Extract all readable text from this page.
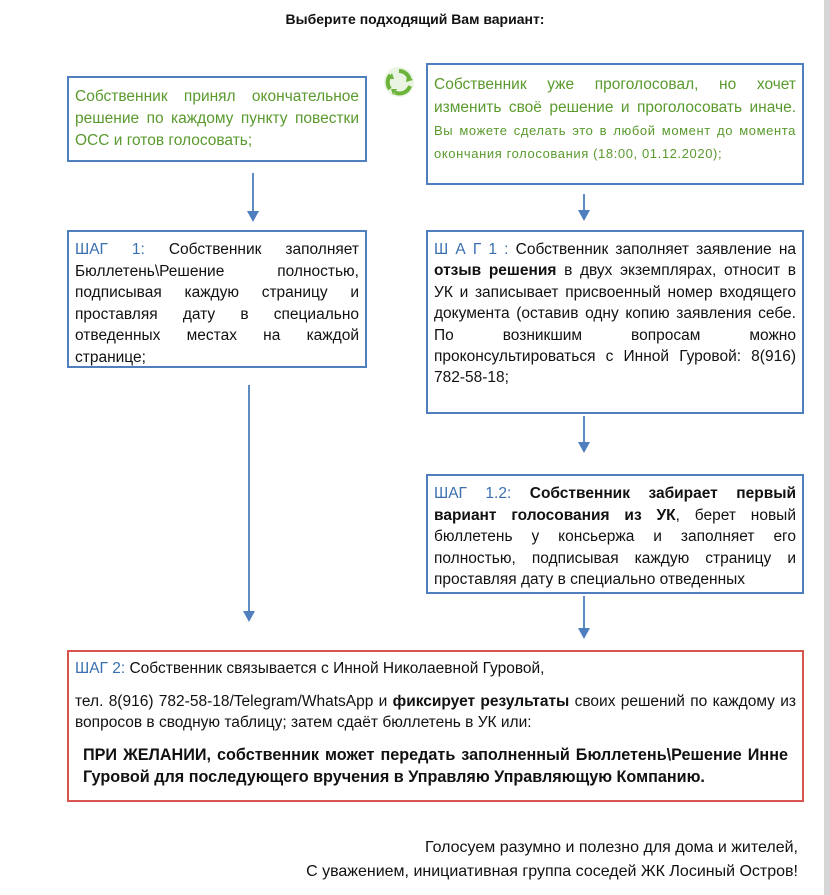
Выберите подходящий Вам вариант:

Собственник принял окончательное решение по каждому пункту повестки ОСС и готов голосовать;

Собственник уже проголосовал, но хочет изменить своё решение и проголосовать иначе. Вы можете сделать это в любой момент до момента окончания голосования (18:00, 01.12.2020);

ШАГ 1: Собственник заполняет Бюллетень\Решение полностью, подписывая каждую страницу и проставляя дату в специально отведенных местах на каждой странице;

Ш А Г 1 : Собственник заполняет заявление на отзыв решения в двух экземплярах, относит в УК и записывает присвоенный номер входящего документа (оставив одну копию заявления себе. По возникшим вопросам можно проконсультироваться с Инной Гуровой: 8(916) 782-58-18;

ШАГ 1.2: Собственник забирает первый вариант голосования из УК, берет новый бюллетень у консьержа и заполняет его полностью, подписывая каждую страницу и проставляя дату в специально отведенных

ШАГ 2: Собственник связывается с Инной Николаевной Гуровой,

тел. 8(916) 782-58-18/Telegram/WhatsApp и фиксирует результаты своих решений по каждому из вопросов в сводную таблицу; затем сдаёт бюллетень в УК или:

ПРИ ЖЕЛАНИИ, собственник может передать заполненный Бюллетень\Решение Инне Гуровой для последующего вручения в Управляю Управляющую Компанию.

Голосуем разумно и полезно для дома и жителей,
С уважением, инициативная группа соседей ЖК Лосиный Остров!
